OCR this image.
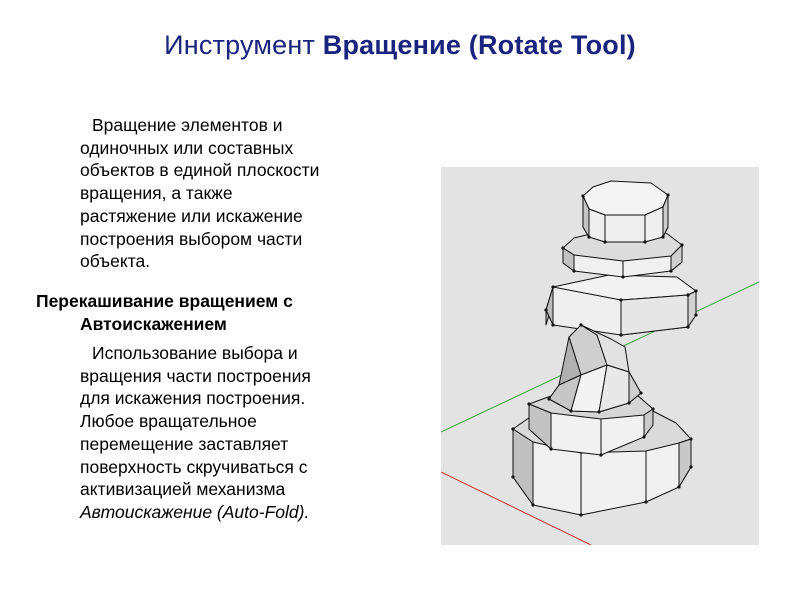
Инструмент Вращение (Rotate Tool)
Вращение элементов и
одиночных или составных
объектов в единой плоскости
вращения, а также
растяжение или искажение
построения выбором части
объекта.
Перекашивание вращением с
Автоискажением
Использование выбора и
вращения части построения
для искажения построения.
Любое вращательное
перемещение заставляет
поверхность скручиваться с
активизацией механизма
Автоискажение (Auto-Fold).
